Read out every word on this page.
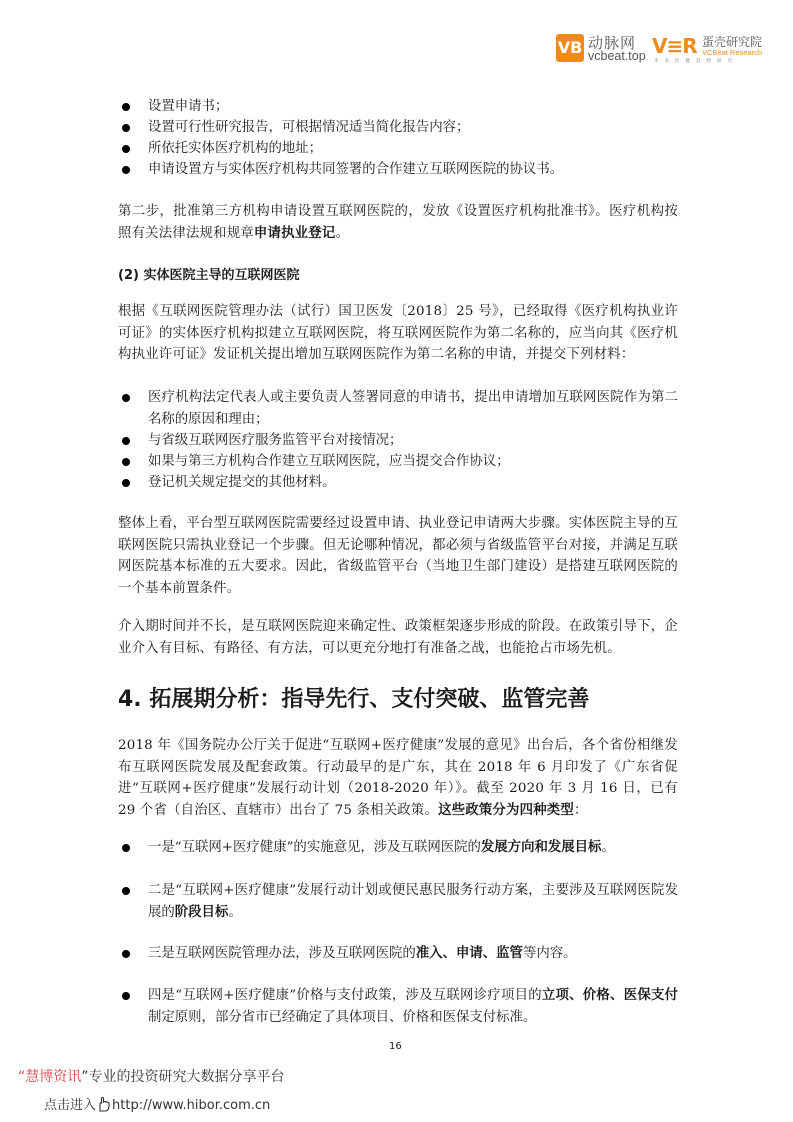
VB 动脉网
vcbeat.top V≡R 蛋壳研究院
VCBeat Research
未来医健趋势研究
设置申请书；
设置可行性研究报告，可根据情况适当简化报告内容；
所依托实体医疗机构的地址；
申请设置方与实体医疗机构共同签署的合作建立互联网医院的协议书。
第二步，批准第三方机构申请设置互联网医院的，发放《设置医疗机构批准书》。医疗机构按照有关法律法规和规章申请执业登记。
(2) 实体医院主导的互联网医院
根据《互联网医院管理办法（试行）国卫医发〔2018〕25 号》，已经取得《医疗机构执业许可证》的实体医疗机构拟建立互联网医院，将互联网医院作为第二名称的，应当向其《医疗机构执业许可证》发证机关提出增加互联网医院作为第二名称的申请，并提交下列材料：
医疗机构法定代表人或主要负责人签署同意的申请书，提出申请增加互联网医院作为第二名称的原因和理由；
与省级互联网医疗服务监管平台对接情况；
如果与第三方机构合作建立互联网医院，应当提交合作协议；
登记机关规定提交的其他材料。
整体上看，平台型互联网医院需要经过设置申请、执业登记申请两大步骤。实体医院主导的互联网医院只需执业登记一个步骤。但无论哪种情况，都必须与省级监管平台对接，并满足互联网医院基本标准的五大要求。因此，省级监管平台（当地卫生部门建设）是搭建互联网医院的一个基本前置条件。
介入期时间并不长，是互联网医院迎来确定性、政策框架逐步形成的阶段。在政策引导下，企业介入有目标、有路径、有方法，可以更充分地打有准备之战，也能抢占市场先机。
4. 拓展期分析：指导先行、支付突破、监管完善
2018 年《国务院办公厅关于促进“互联网+医疗健康”发展的意见》出台后，各个省份相继发布互联网医院发展及配套政策。行动最早的是广东，其在 2018 年 6 月印发了《广东省促进“互联网+医疗健康”发展行动计划（2018-2020 年）》。截至 2020 年 3 月 16 日，已有 29 个省（自治区、直辖市）出台了 75 条相关政策。这些政策分为四种类型：
一是“互联网+医疗健康”的实施意见，涉及互联网医院的发展方向和发展目标。
二是“互联网+医疗健康”发展行动计划或便民惠民服务行动方案，主要涉及互联网医院发展的阶段目标。
三是互联网医院管理办法，涉及互联网医院的准入、申请、监管等内容。
四是“互联网+医疗健康”价格与支付政策，涉及互联网诊疗项目的立项、价格、医保支付制定原则，部分省市已经确定了具体项目、价格和医保支付标准。
16
“慧博资讯”专业的投资研究大数据分享平台
点击进入 http://www.hibor.com.cn
